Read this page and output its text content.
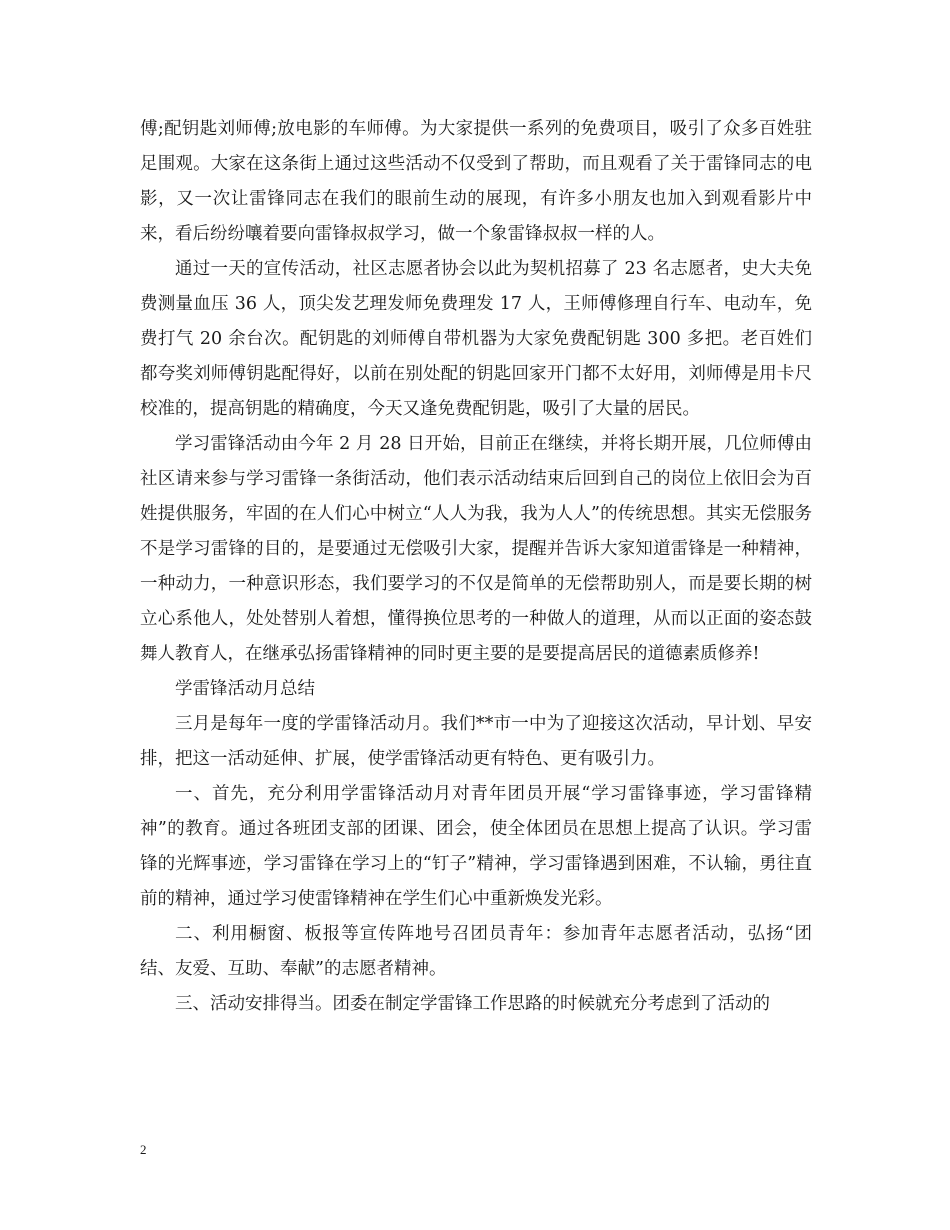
傅;配钥匙刘师傅;放电影的车师傅。为大家提供一系列的免费项目，吸引了众多百姓驻足围观。大家在这条街上通过这些活动不仅受到了帮助，而且观看了关于雷锋同志的电影，又一次让雷锋同志在我们的眼前生动的展现，有许多小朋友也加入到观看影片中来，看后纷纷嚷着要向雷锋叔叔学习，做一个象雷锋叔叔一样的人。

通过一天的宣传活动，社区志愿者协会以此为契机招募了 23 名志愿者，史大夫免费测量血压 36 人，顶尖发艺理发师免费理发 17 人，王师傅修理自行车、电动车，免费打气 20 余台次。配钥匙的刘师傅自带机器为大家免费配钥匙 300 多把。老百姓们都夸奖刘师傅钥匙配得好，以前在别处配的钥匙回家开门都不太好用，刘师傅是用卡尺校准的，提高钥匙的精确度，今天又逢免费配钥匙，吸引了大量的居民。

学习雷锋活动由今年 2 月 28 日开始，目前正在继续，并将长期开展，几位师傅由社区请来参与学习雷锋一条街活动，他们表示活动结束后回到自己的岗位上依旧会为百姓提供服务，牢固的在人们心中树立“人人为我，我为人人”的传统思想。其实无偿服务不是学习雷锋的目的，是要通过无偿吸引大家，提醒并告诉大家知道雷锋是一种精神，一种动力，一种意识形态，我们要学习的不仅是简单的无偿帮助别人，而是要长期的树立心系他人，处处替别人着想，懂得换位思考的一种做人的道理，从而以正面的姿态鼓舞人教育人，在继承弘扬雷锋精神的同时更主要的是要提高居民的道德素质修养!

学雷锋活动月总结

三月是每年一度的学雷锋活动月。我们**市一中为了迎接这次活动，早计划、早安排，把这一活动延伸、扩展，使学雷锋活动更有特色、更有吸引力。

一、首先，充分利用学雷锋活动月对青年团员开展“学习雷锋事迹，学习雷锋精神”的教育。通过各班团支部的团课、团会，使全体团员在思想上提高了认识。学习雷锋的光辉事迹，学习雷锋在学习上的“钉子”精神，学习雷锋遇到困难，不认输，勇往直前的精神，通过学习使雷锋精神在学生们心中重新焕发光彩。

二、利用橱窗、板报等宣传阵地号召团员青年：参加青年志愿者活动，弘扬“团结、友爱、互助、奉献”的志愿者精神。

三、活动安排得当。团委在制定学雷锋工作思路的时候就充分考虑到了活动的

2
